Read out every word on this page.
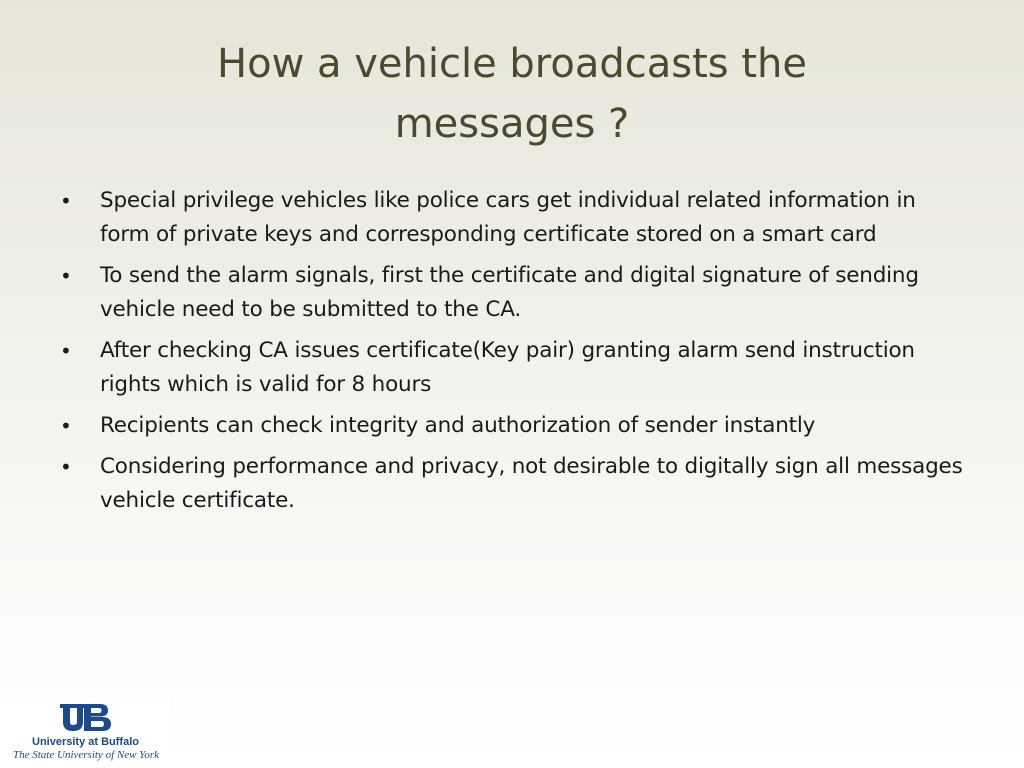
How a vehicle broadcasts the messages ?
• Special privilege vehicles like police cars get individual related information in form of private keys and corresponding certificate stored on a smart card
• To send the alarm signals, first the certificate and digital signature of sending vehicle need to be submitted to the CA.
• After checking CA issues certificate(Key pair) granting alarm send instruction rights which is valid for 8 hours
• Recipients can check integrity and authorization of sender instantly
• Considering performance and privacy, not desirable to digitally sign all messages vehicle certificate.
University at Buffalo
The State University of New York
